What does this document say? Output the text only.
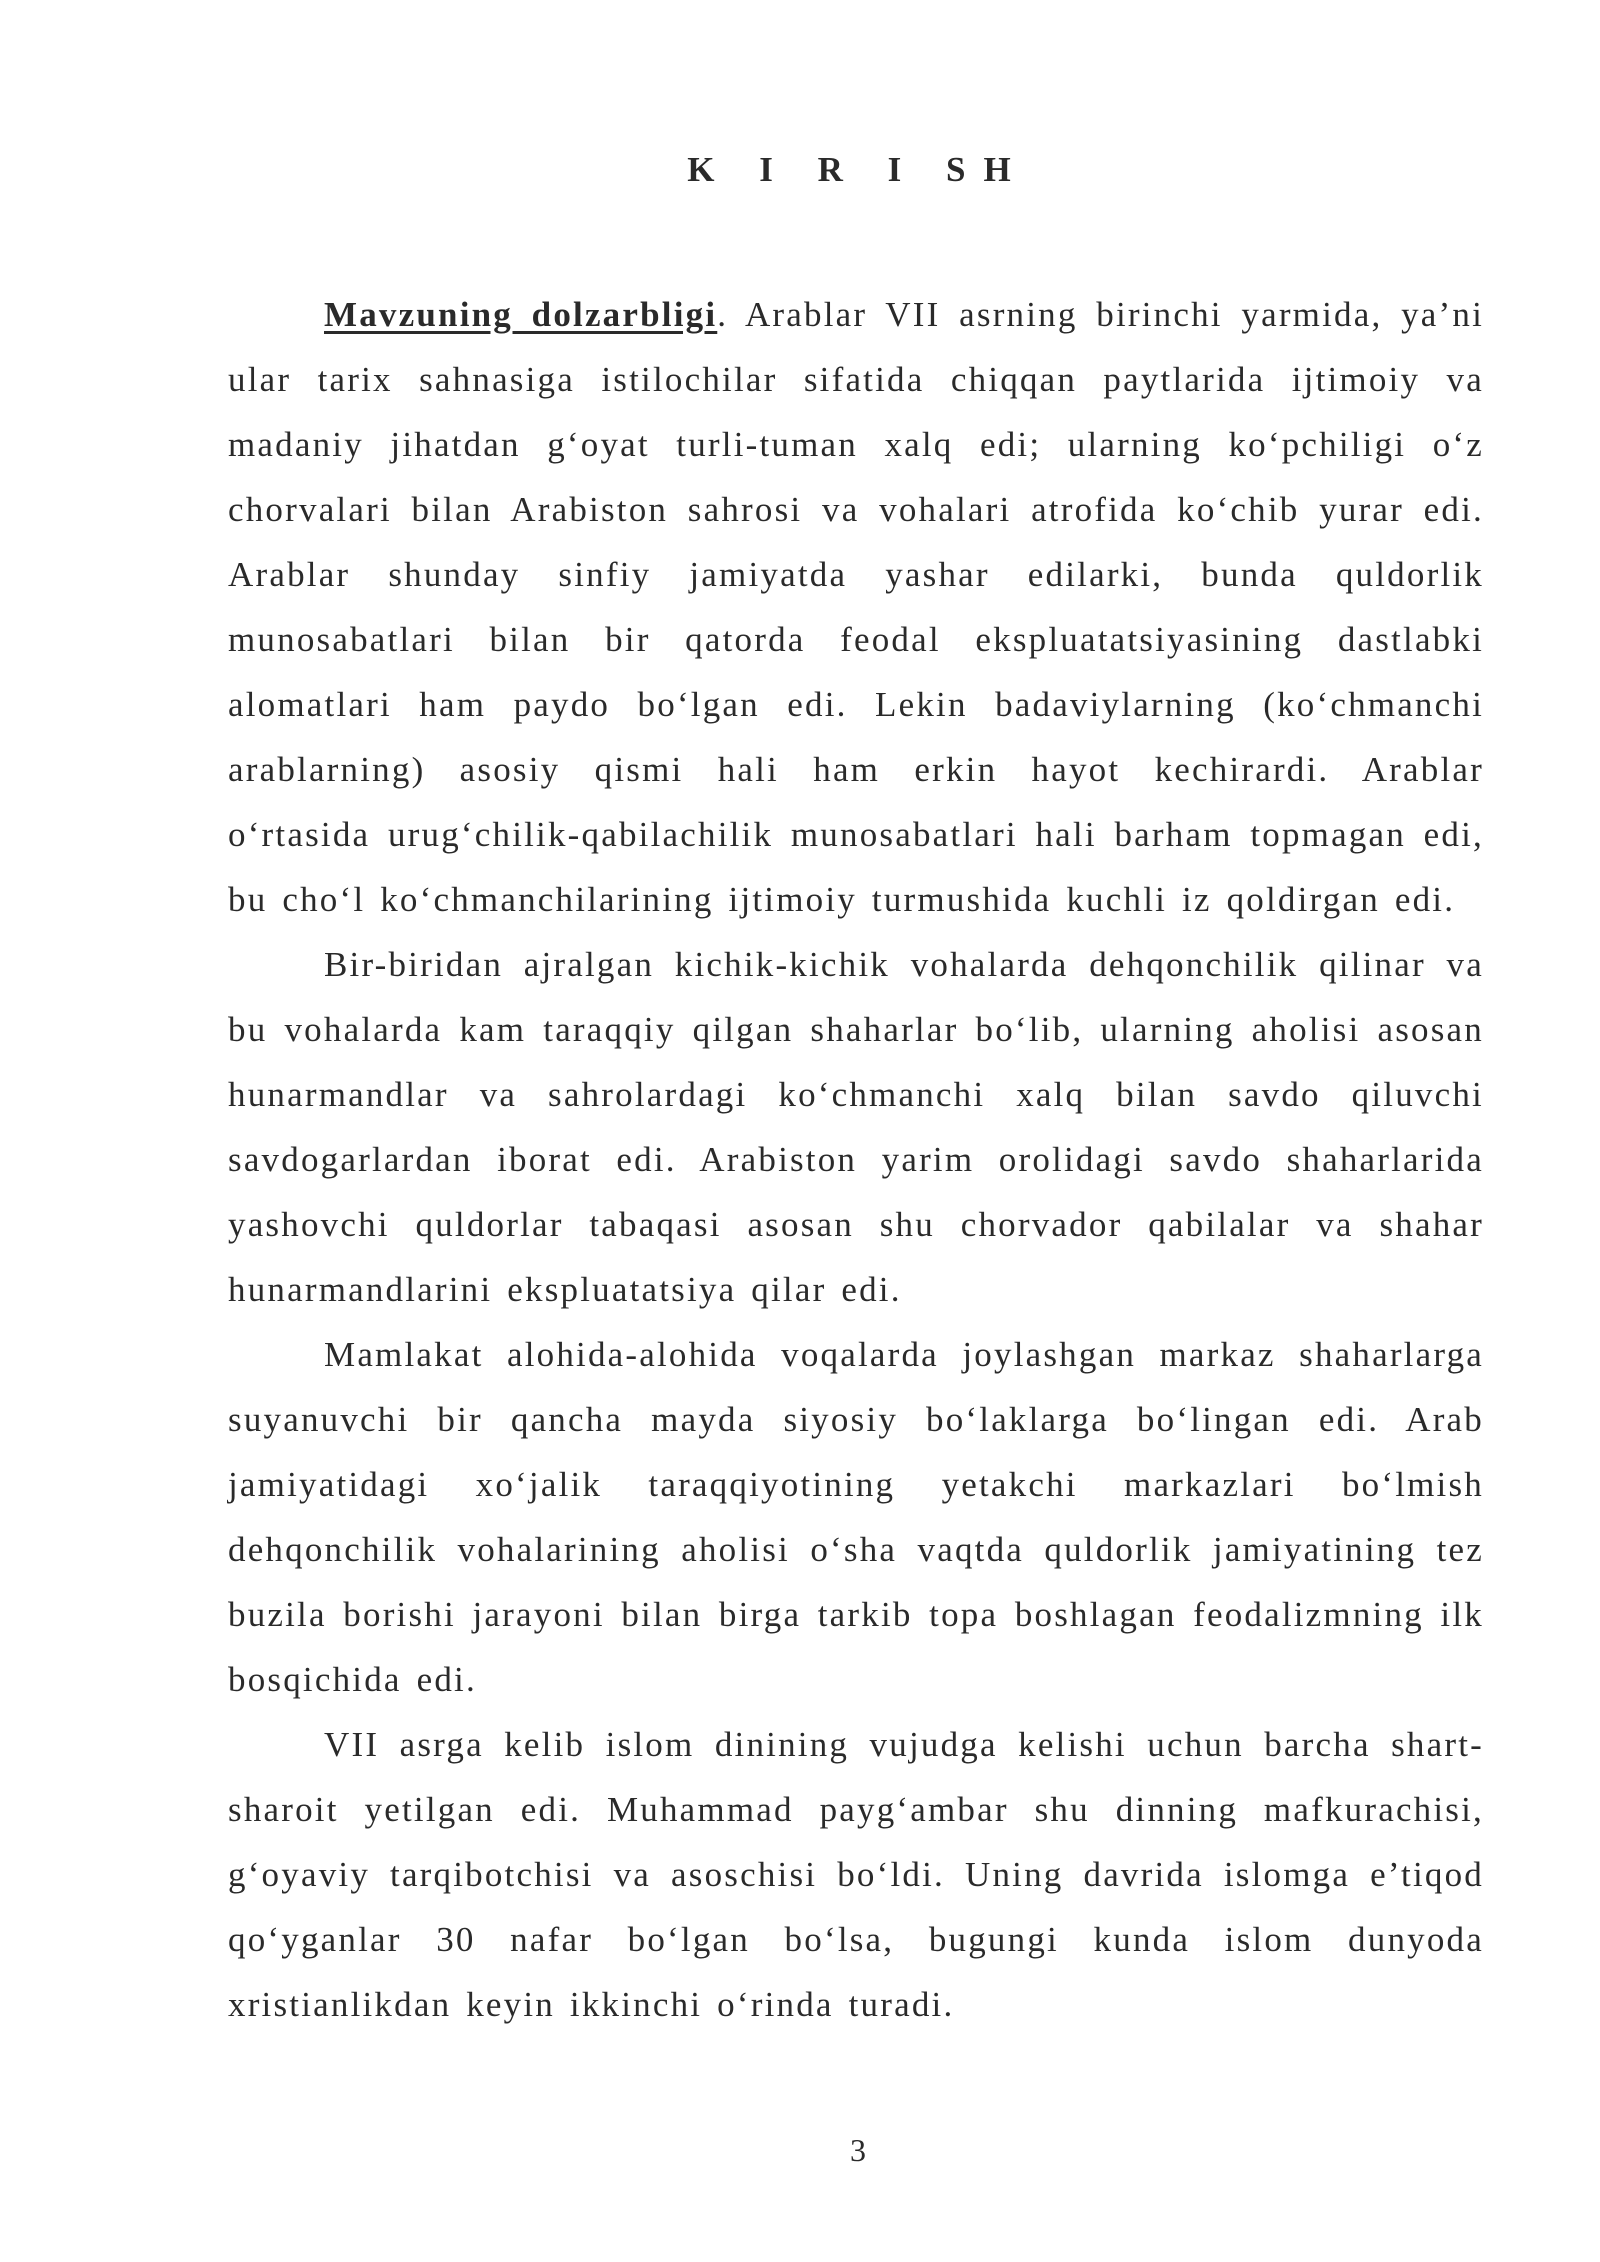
K I R I SH

Mavzuning dolzarbligi. Arablar VII asrning birinchi yarmida, ya’ni ular tarix sahnasiga istilochilar sifatida chiqqan paytlarida ijtimoiy va madaniy jihatdan g‘oyat turli-tuman xalq edi; ularning ko‘pchiligi o‘z chorvalari bilan Arabiston sahrosi va vohalari atrofida ko‘chib yurar edi. Arablar shunday sinfiy jamiyatda yashar edilarki, bunda quldorlik munosabatlari bilan bir qatorda feodal ekspluatatsiyasining dastlabki alomatlari ham paydo bo‘lgan edi. Lekin badaviylarning (ko‘chmanchi arablarning) asosiy qismi hali ham erkin hayot kechirardi. Arablar o‘rtasida urug‘chilik-qabilachilik munosabatlari hali barham topmagan edi, bu cho‘l ko‘chmanchilarining ijtimoiy turmushida kuchli iz qoldirgan edi.

Bir-biridan ajralgan kichik-kichik vohalarda dehqonchilik qilinar va bu vohalarda kam taraqqiy qilgan shaharlar bo‘lib, ularning aholisi asosan hunarmandlar va sahrolardagi ko‘chmanchi xalq bilan savdo qiluvchi savdogarlardan iborat edi. Arabiston yarim orolidagi savdo shaharlarida yashovchi quldorlar tabaqasi asosan shu chorvador qabilalar va shahar hunarmandlarini ekspluatatsiya qilar edi.

Mamlakat alohida-alohida voqalarda joylashgan markaz shaharlarga suyanuvchi bir qancha mayda siyosiy bo‘laklarga bo‘lingan edi. Arab jamiyatidagi xo‘jalik taraqqiyotining yetakchi markazlari bo‘lmish dehqonchilik vohalarining aholisi o‘sha vaqtda quldorlik jamiyatining tez buzila borishi jarayoni bilan birga tarkib topa boshlagan feodalizmning ilk bosqichida edi.

VII asrga kelib islom dinining vujudga kelishi uchun barcha shart-sharoit yetilgan edi. Muhammad payg‘ambar shu dinning mafkurachisi, g‘oyaviy tarqibotchisi va asoschisi bo‘ldi. Uning davrida islomga e’tiqod qo‘yganlar 30 nafar bo‘lgan bo‘lsa, bugungi kunda islom dunyoda xristianlikdan keyin ikkinchi o‘rinda turadi.

3
